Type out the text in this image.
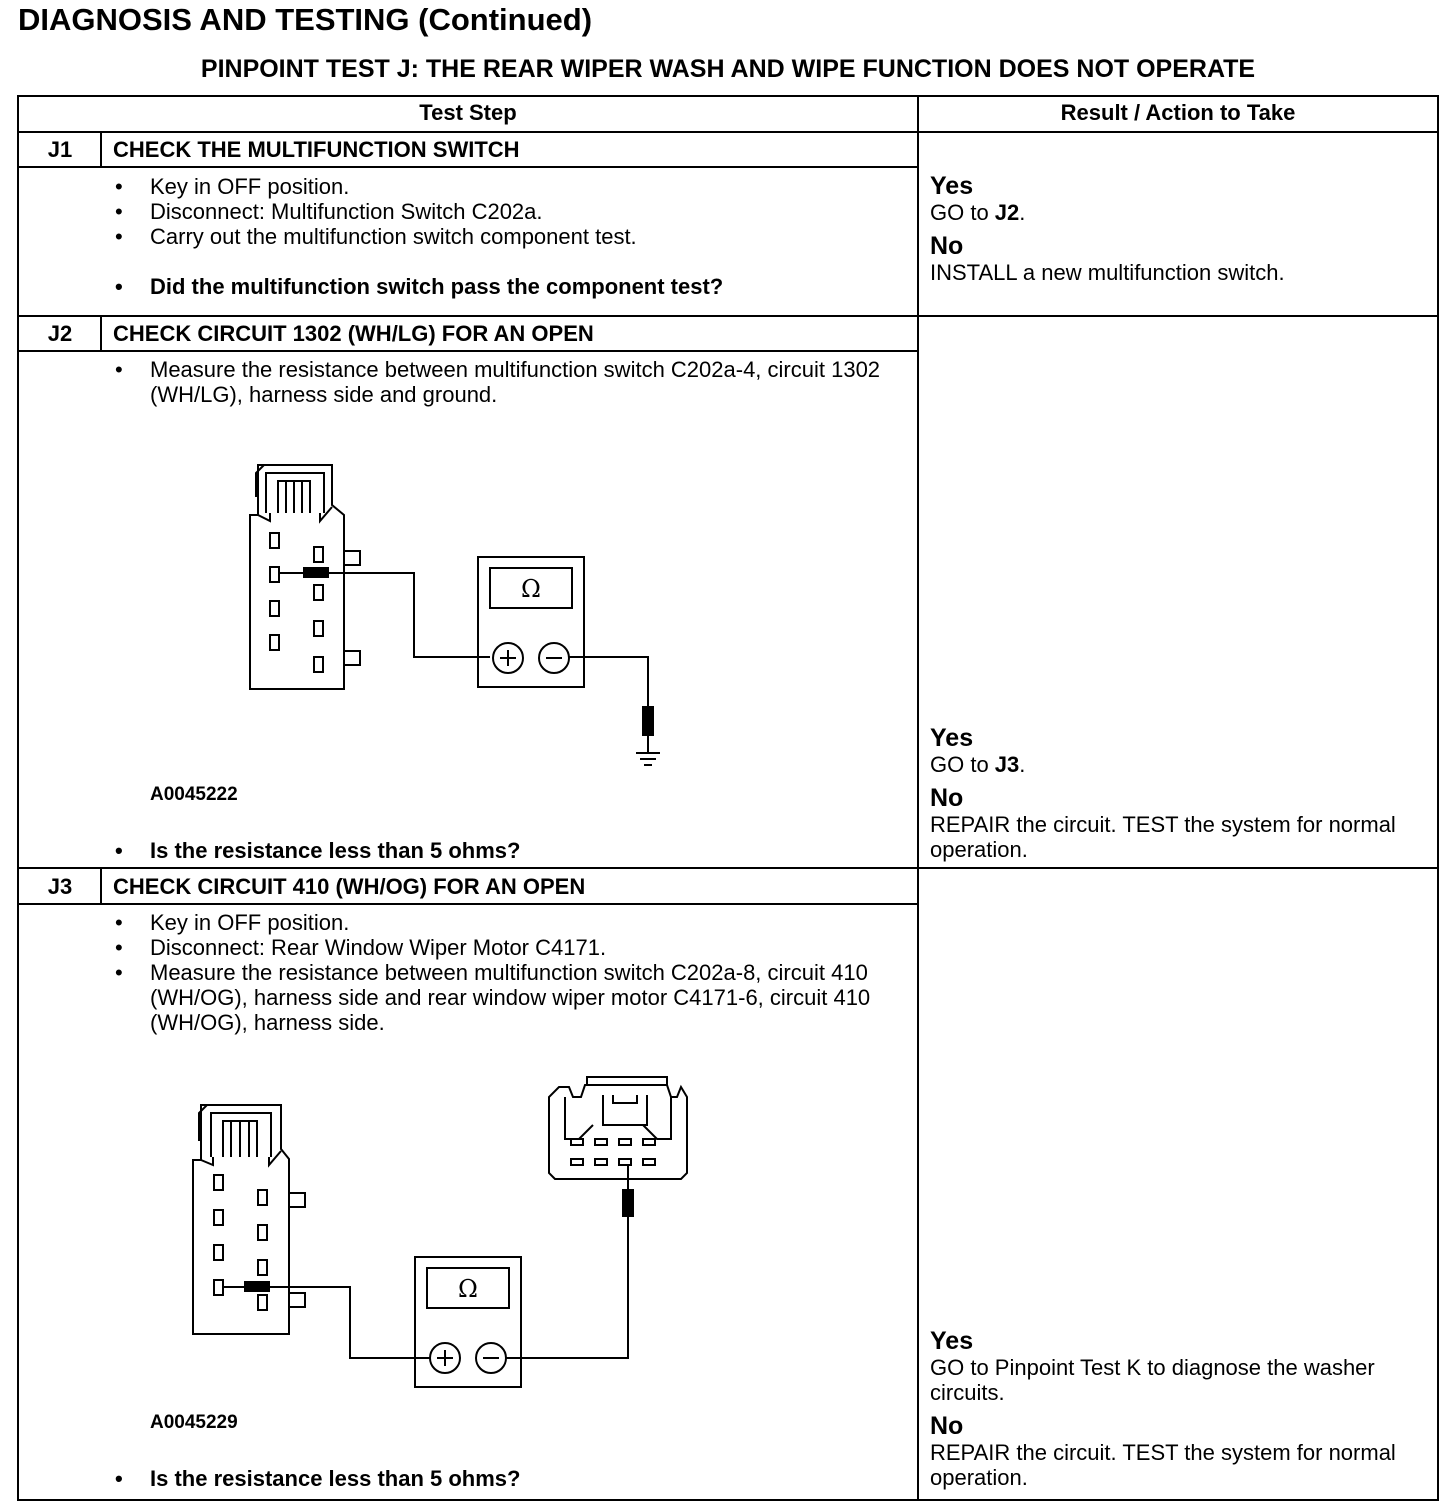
DIAGNOSIS AND TESTING (Continued)
PINPOINT TEST J: THE REAR WIPER WASH AND WIPE FUNCTION DOES NOT OPERATE
Test Step	Result / Action to Take
J1	CHECK THE MULTIFUNCTION SWITCH
• Key in OFF position.
• Disconnect: Multifunction Switch C202a.
• Carry out the multifunction switch component test.
• Did the multifunction switch pass the component test?
Yes
GO to J2.
No
INSTALL a new multifunction switch.
J2	CHECK CIRCUIT 1302 (WH/LG) FOR AN OPEN
• Measure the resistance between multifunction switch C202a-4, circuit 1302 (WH/LG), harness side and ground.
Ω
A0045222
• Is the resistance less than 5 ohms?
Yes
GO to J3.
No
REPAIR the circuit. TEST the system for normal operation.
J3	CHECK CIRCUIT 410 (WH/OG) FOR AN OPEN
• Key in OFF position.
• Disconnect: Rear Window Wiper Motor C4171.
• Measure the resistance between multifunction switch C202a-8, circuit 410 (WH/OG), harness side and rear window wiper motor C4171-6, circuit 410 (WH/OG), harness side.
Ω
A0045229
• Is the resistance less than 5 ohms?
Yes
GO to Pinpoint Test K to diagnose the washer circuits.
No
REPAIR the circuit. TEST the system for normal operation.
